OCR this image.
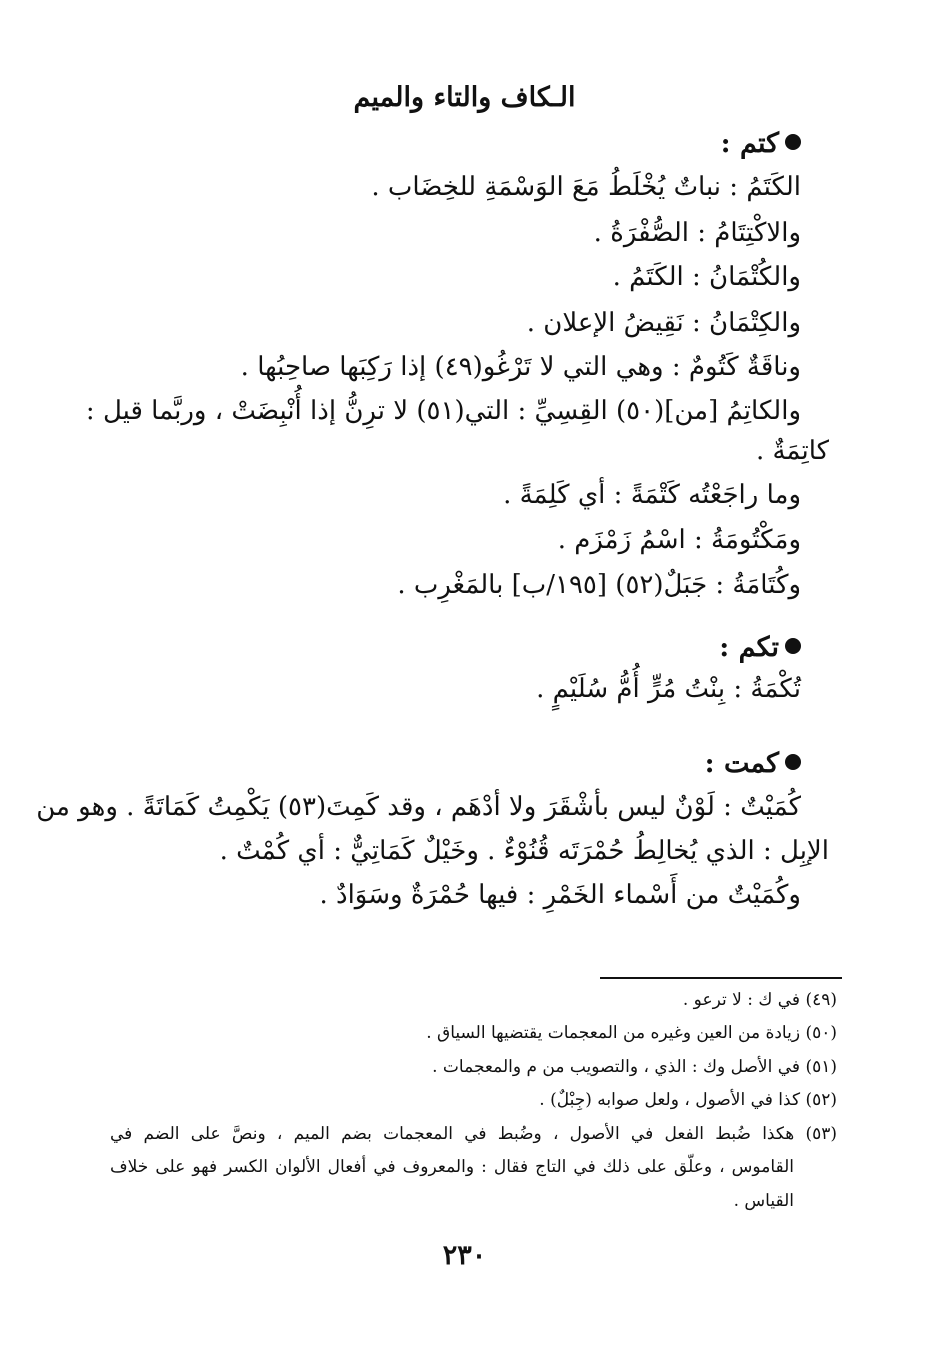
الـكاف والتاء والميم
كتم :
الكَتَمُ : نباتٌ يُخْلَطُ مَعَ الوَسْمَةِ للخِضَاب .
والاكْتِتَامُ : الصُّفْرَةُ .
والكُتْمَانُ : الكَتَمُ .
والكِتْمَانُ : نَقِيضُ الإعلان .
وناقَةٌ كَتُومٌ : وهي التي لا تَرْغُو(٤٩) إذا رَكِبَها صاحِبُها .
والكاتِمُ [من](٥٠) القِسِيِّ : التي(٥١) لا ترِنُّ إذا أُنْبِضَتْ ، وربَّما قيل :
كاتِمَةٌ .
وما راجَعْتُه كَتْمَةً : أي كَلِمَةً .
ومَكْتُومَةُ : اسْمُ زَمْزَم .
وكُتَامَةُ : جَبَلٌ(٥٢) [١٩٥/ب] بالمَغْرِب .
تكم :
تُكْمَةُ : بِنْتُ مُرٍّ أُمُّ سُلَيْمٍ .
كمت :
كُمَيْتٌ : لَوْنٌ ليس بأشْقَرَ ولا أدْهَم ، وقد كَمِتَ(٥٣) يَكْمِتُ كَمَاتَةً . وهو من
الإبِل : الذي يُخالِطُ حُمْرَتَه قُنُوْءٌ . وخَيْلٌ كَمَاتِيٌّ : أي كُمْتٌ .
وكُمَيْتٌ من أَسْماء الخَمْرِ : فيها حُمْرَةٌ وسَوَادٌ .
(٤٩) في ك : لا ترعو .
(٥٠) زيادة من العين وغيره من المعجمات يقتضيها السياق .
(٥١) في الأصل وك : الذي ، والتصويب من م والمعجمات .
(٥٢) كذا في الأصول ، ولعل صوابه (جِبْلٌ) .
(٥٣) هكذا ضُبط الفعل في الأصول ، وضُبط في المعجمات بضم الميم ، ونصَّ على الضم في
القاموس ، وعلّق على ذلك في التاج فقال : والمعروف في أفعال الألوان الكسر فهو على خلاف
القياس .
٢٣٠
